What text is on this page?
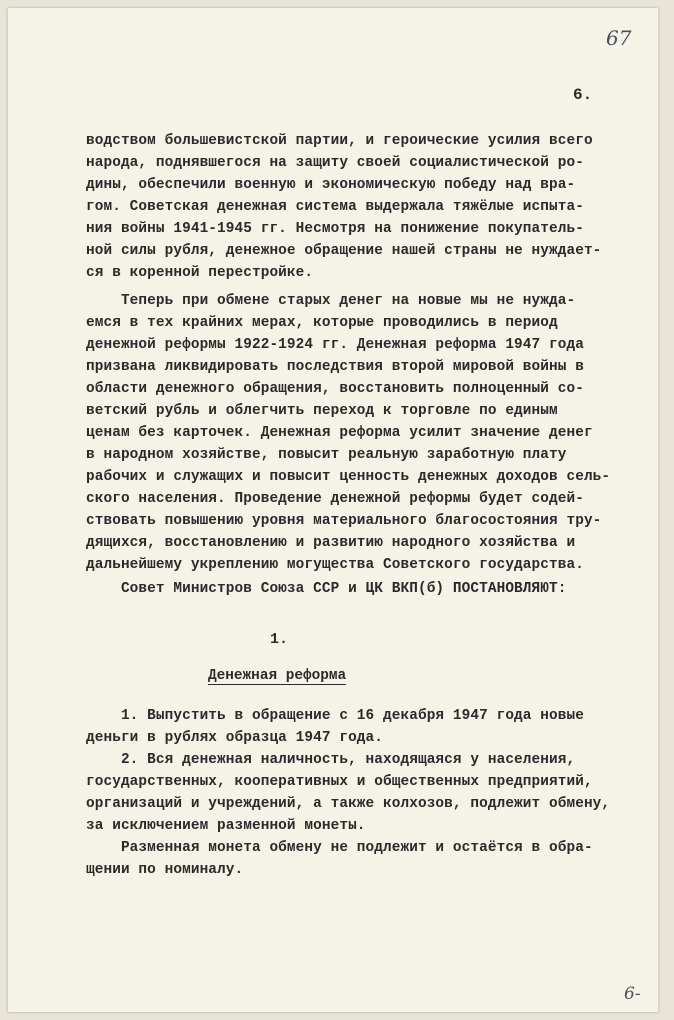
67
6.
водством большевистской партии, и героические усилия всего
народа, поднявшегося на защиту своей социалистической ро-
дины, обеспечили военную и экономическую победу над вра-
гом. Советская денежная система выдержала тяжёлые испыта-
ния войны 1941-1945 гг. Несмотря на понижение покупатель-
ной силы рубля, денежное обращение нашей страны не нуждает-
ся в коренной перестройке.
Теперь при обмене старых денег на новые мы не нужда-
емся в тех крайних мерах, которые проводились в период
денежной реформы 1922-1924 гг. Денежная реформа 1947 года
призвана ликвидировать последствия второй мировой войны в
области денежного обращения, восстановить полноценный со-
ветский рубль и облегчить переход к торговле по единым
ценам без карточек. Денежная реформа усилит значение денег
в народном хозяйстве, повысит реальную заработную плату
рабочих и служащих и повысит ценность денежных доходов сель-
ского населения. Проведение денежной реформы будет содей-
ствовать повышению уровня материального благосостояния тру-
дящихся, восстановлению и развитию народного хозяйства и
дальнейшему укреплению могущества Советского государства.
Совет Министров Союза ССР и ЦК ВКП(б) ПОСТАНОВЛЯЮТ:
1.
Денежная реформа
1. Выпустить в обращение с 16 декабря 1947 года новые
деньги в рублях образца 1947 года.
2. Вся денежная наличность, находящаяся у населения,
государственных, кооперативных и общественных предприятий,
организаций и учреждений, а также колхозов, подлежит обмену,
за исключением разменной монеты.
Разменная монета обмену не подлежит и остаётся в обра-
щении по номиналу.
6-
